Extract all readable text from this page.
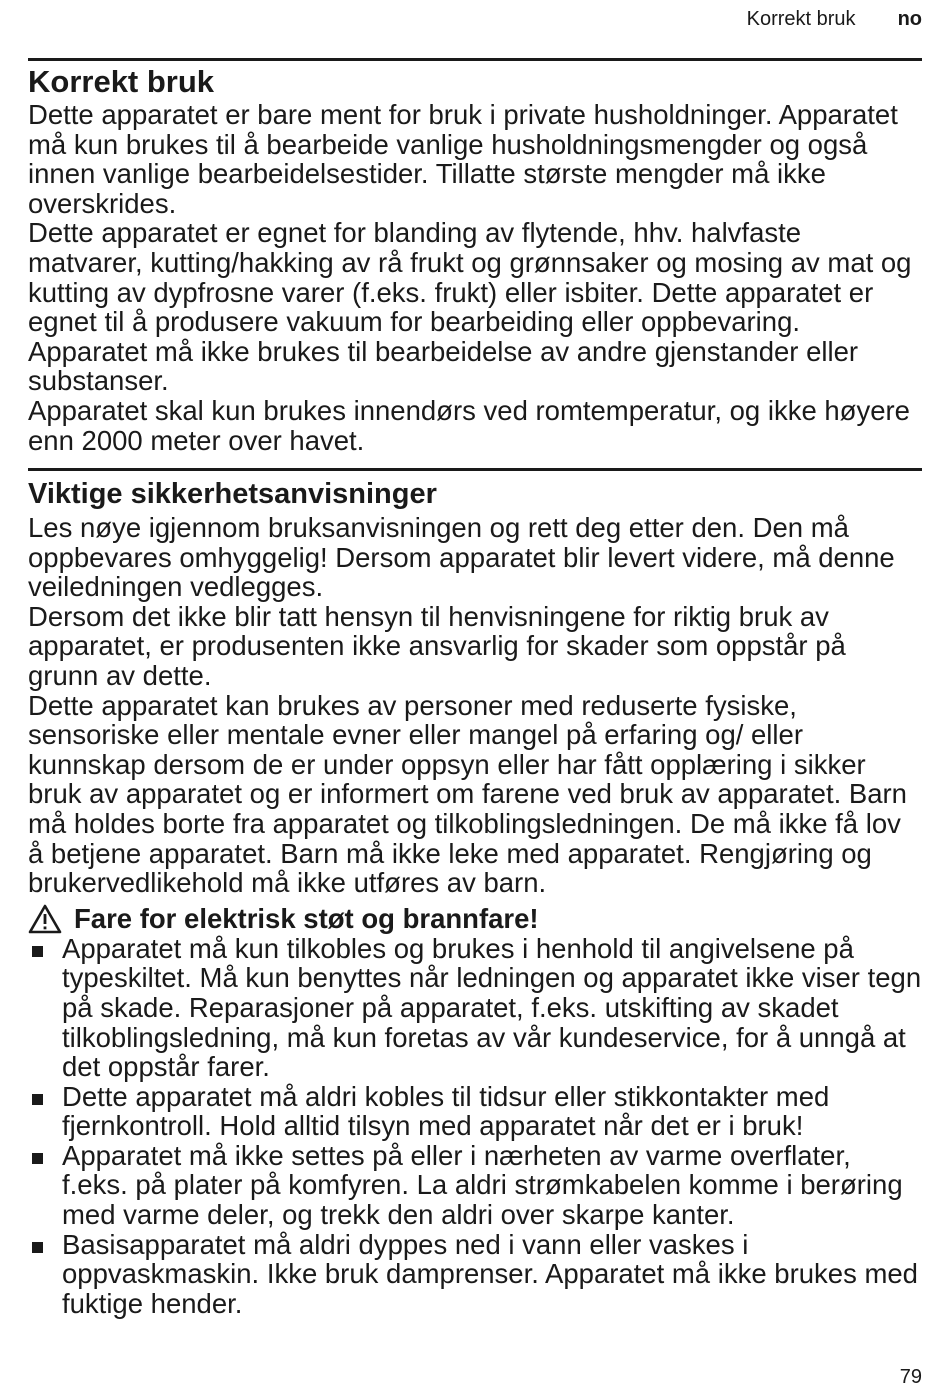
Korrekt bruk no
Korrekt bruk

Dette apparatet er bare ment for bruk i private husholdninger. Apparatet må kun brukes til å bearbeide vanlige husholdningsmengder og også innen vanlige bearbeidelsestider. Tillatte største mengder må ikke overskrides.

Dette apparatet er egnet for blanding av flytende, hhv. halvfaste matvarer, kutting/hakking av rå frukt og grønnsaker og mosing av mat og kutting av dypfrosne varer (f.eks. frukt) eller isbiter. Dette apparatet er egnet til å produsere vakuum for bearbeiding eller oppbevaring. Apparatet må ikke brukes til bearbeidelse av andre gjenstander eller substanser.

Apparatet skal kun brukes innendørs ved romtemperatur, og ikke høyere enn 2000 meter over havet.

Viktige sikkerhetsanvisninger

Les nøye igjennom bruksanvisningen og rett deg etter den. Den må oppbevares omhyggelig! Dersom apparatet blir levert videre, må denne veiledningen vedlegges.

Dersom det ikke blir tatt hensyn til henvisningene for riktig bruk av apparatet, er produsenten ikke ansvarlig for skader som oppstår på grunn av dette.

Dette apparatet kan brukes av personer med reduserte fysiske, sensoriske eller mentale evner eller mangel på erfaring og/ eller kunnskap dersom de er under oppsyn eller har fått opplæring i sikker bruk av apparatet og er informert om farene ved bruk av apparatet. Barn må holdes borte fra apparatet og tilkoblingsledningen. De må ikke få lov å betjene apparatet. Barn må ikke leke med apparatet. Rengjøring og brukervedlikehold må ikke utføres av barn.

Fare for elektrisk støt og brannfare!
Apparatet må kun tilkobles og brukes i henhold til angivelsene på typeskiltet. Må kun benyttes når ledningen og apparatet ikke viser tegn på skade. Reparasjoner på apparatet, f.eks. utskifting av skadet tilkoblingsledning, må kun foretas av vår kundeservice, for å unngå at det oppstår farer.
Dette apparatet må aldri kobles til tidsur eller stikkontakter med fjernkontroll. Hold alltid tilsyn med apparatet når det er i bruk!
Apparatet må ikke settes på eller i nærheten av varme overflater, f.eks. på plater på komfyren. La aldri strømkabelen komme i berøring med varme deler, og trekk den aldri over skarpe kanter.
Basisapparatet må aldri dyppes ned i vann eller vaskes i oppvaskmaskin. Ikke bruk damprenser. Apparatet må ikke brukes med fuktige hender.
79
